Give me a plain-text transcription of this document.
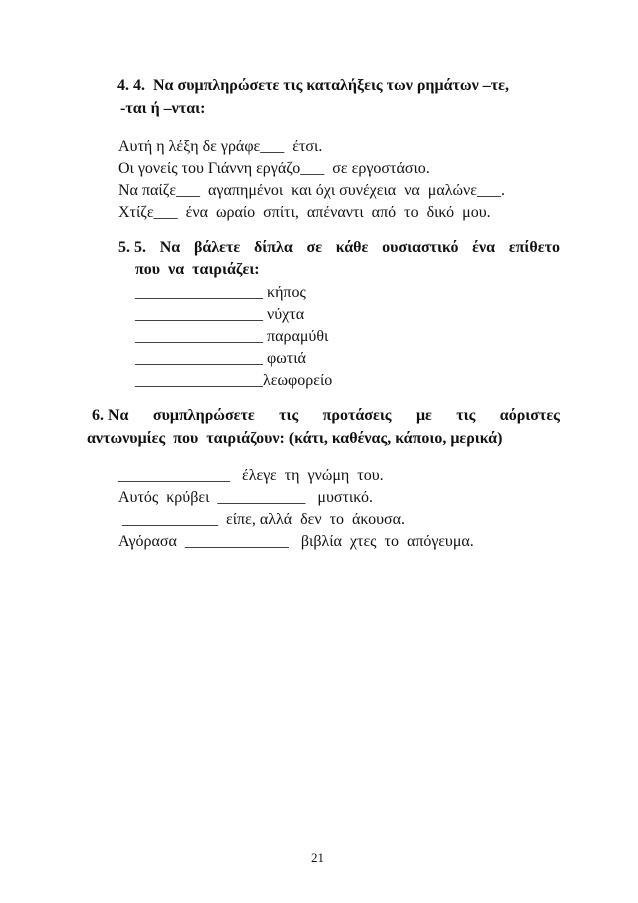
4. 4.  Να συμπληρώσετε τις καταλήξεις των ρημάτων –τε,
-ται ή –νται:
Αυτή η λέξη δε γράφε___  έτσι.
Οι γονείς του Γιάννη εργάζο___  σε εργοστάσιο.
Να παίζε___  αγαπημένοι  και όχι συνέχεια  να  μαλώνε___.
Χτίζε___  ένα  ωραίο  σπίτι,  απέναντι  από  το  δικό  μου.
5. 5. Να βάλετε δίπλα σε κάθε ουσιαστικό ένα επίθετο
που  να  ταιριάζει:
________________ κήπος
________________ νύχτα
________________ παραμύθι
________________ φωτιά
________________λεωφορείο
6. Να συμπληρώσετε τις προτάσεις με τις αόριστες
αντωνυμίες  που  ταιριάζουν: (κάτι, καθένας, κάποιο, μερικά)
______________   έλεγε  τη  γνώμη  του.
Αυτός  κρύβει  ___________   μυστικό.
____________  είπε, αλλά  δεν  το  άκουσα.
Αγόρασα  _____________   βιβλία  χτες  το  απόγευμα.
21
